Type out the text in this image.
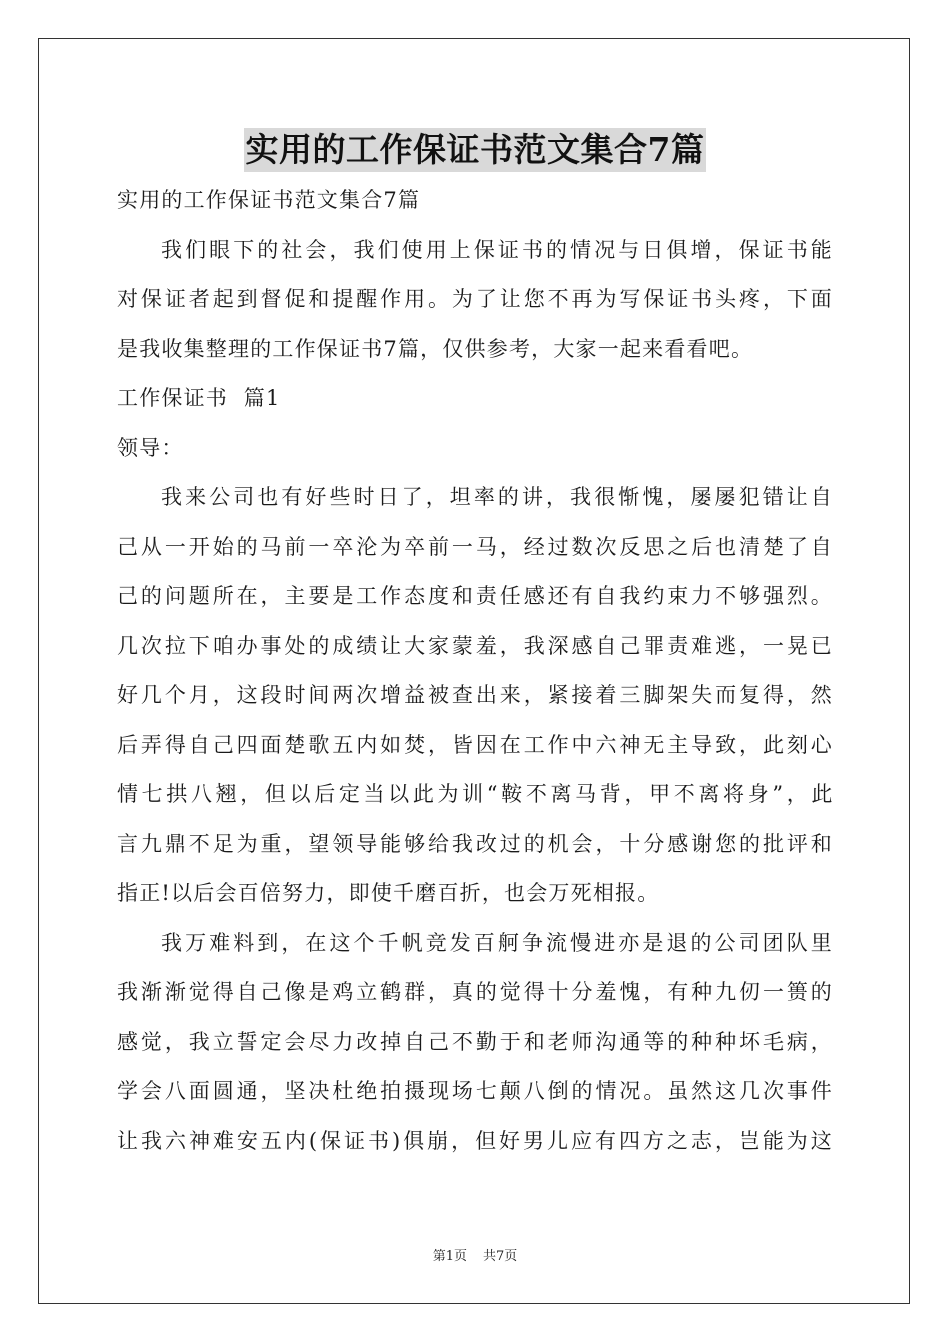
实用的工作保证书范文集合7篇
实用的工作保证书范文集合7篇
我们眼下的社会，我们使用上保证书的情况与日俱增，保证书能
对保证者起到督促和提醒作用。为了让您不再为写保证书头疼，下面
是我收集整理的工作保证书7篇，仅供参考，大家一起来看看吧。
工作保证书  篇1
领导：
我来公司也有好些时日了，坦率的讲，我很惭愧，屡屡犯错让自
己从一开始的马前一卒沦为卒前一马，经过数次反思之后也清楚了自
己的问题所在，主要是工作态度和责任感还有自我约束力不够强烈。
几次拉下咱办事处的成绩让大家蒙羞，我深感自己罪责难逃，一晃已
好几个月，这段时间两次增益被查出来，紧接着三脚架失而复得，然
后弄得自己四面楚歌五内如焚，皆因在工作中六神无主导致，此刻心
情七拱八翘，但以后定当以此为训“鞍不离马背，甲不离将身”，此
言九鼎不足为重，望领导能够给我改过的机会，十分感谢您的批评和
指正!以后会百倍努力，即使千磨百折，也会万死相报。
我万难料到，在这个千帆竞发百舸争流慢进亦是退的公司团队里
我渐渐觉得自己像是鸡立鹤群，真的觉得十分羞愧，有种九仞一篑的
感觉，我立誓定会尽力改掉自己不勤于和老师沟通等的种种坏毛病，
学会八面圆通，坚决杜绝拍摄现场七颠八倒的情况。虽然这几次事件
让我六神难安五内(保证书)俱崩，但好男儿应有四方之志，岂能为这
第1页 共7页
